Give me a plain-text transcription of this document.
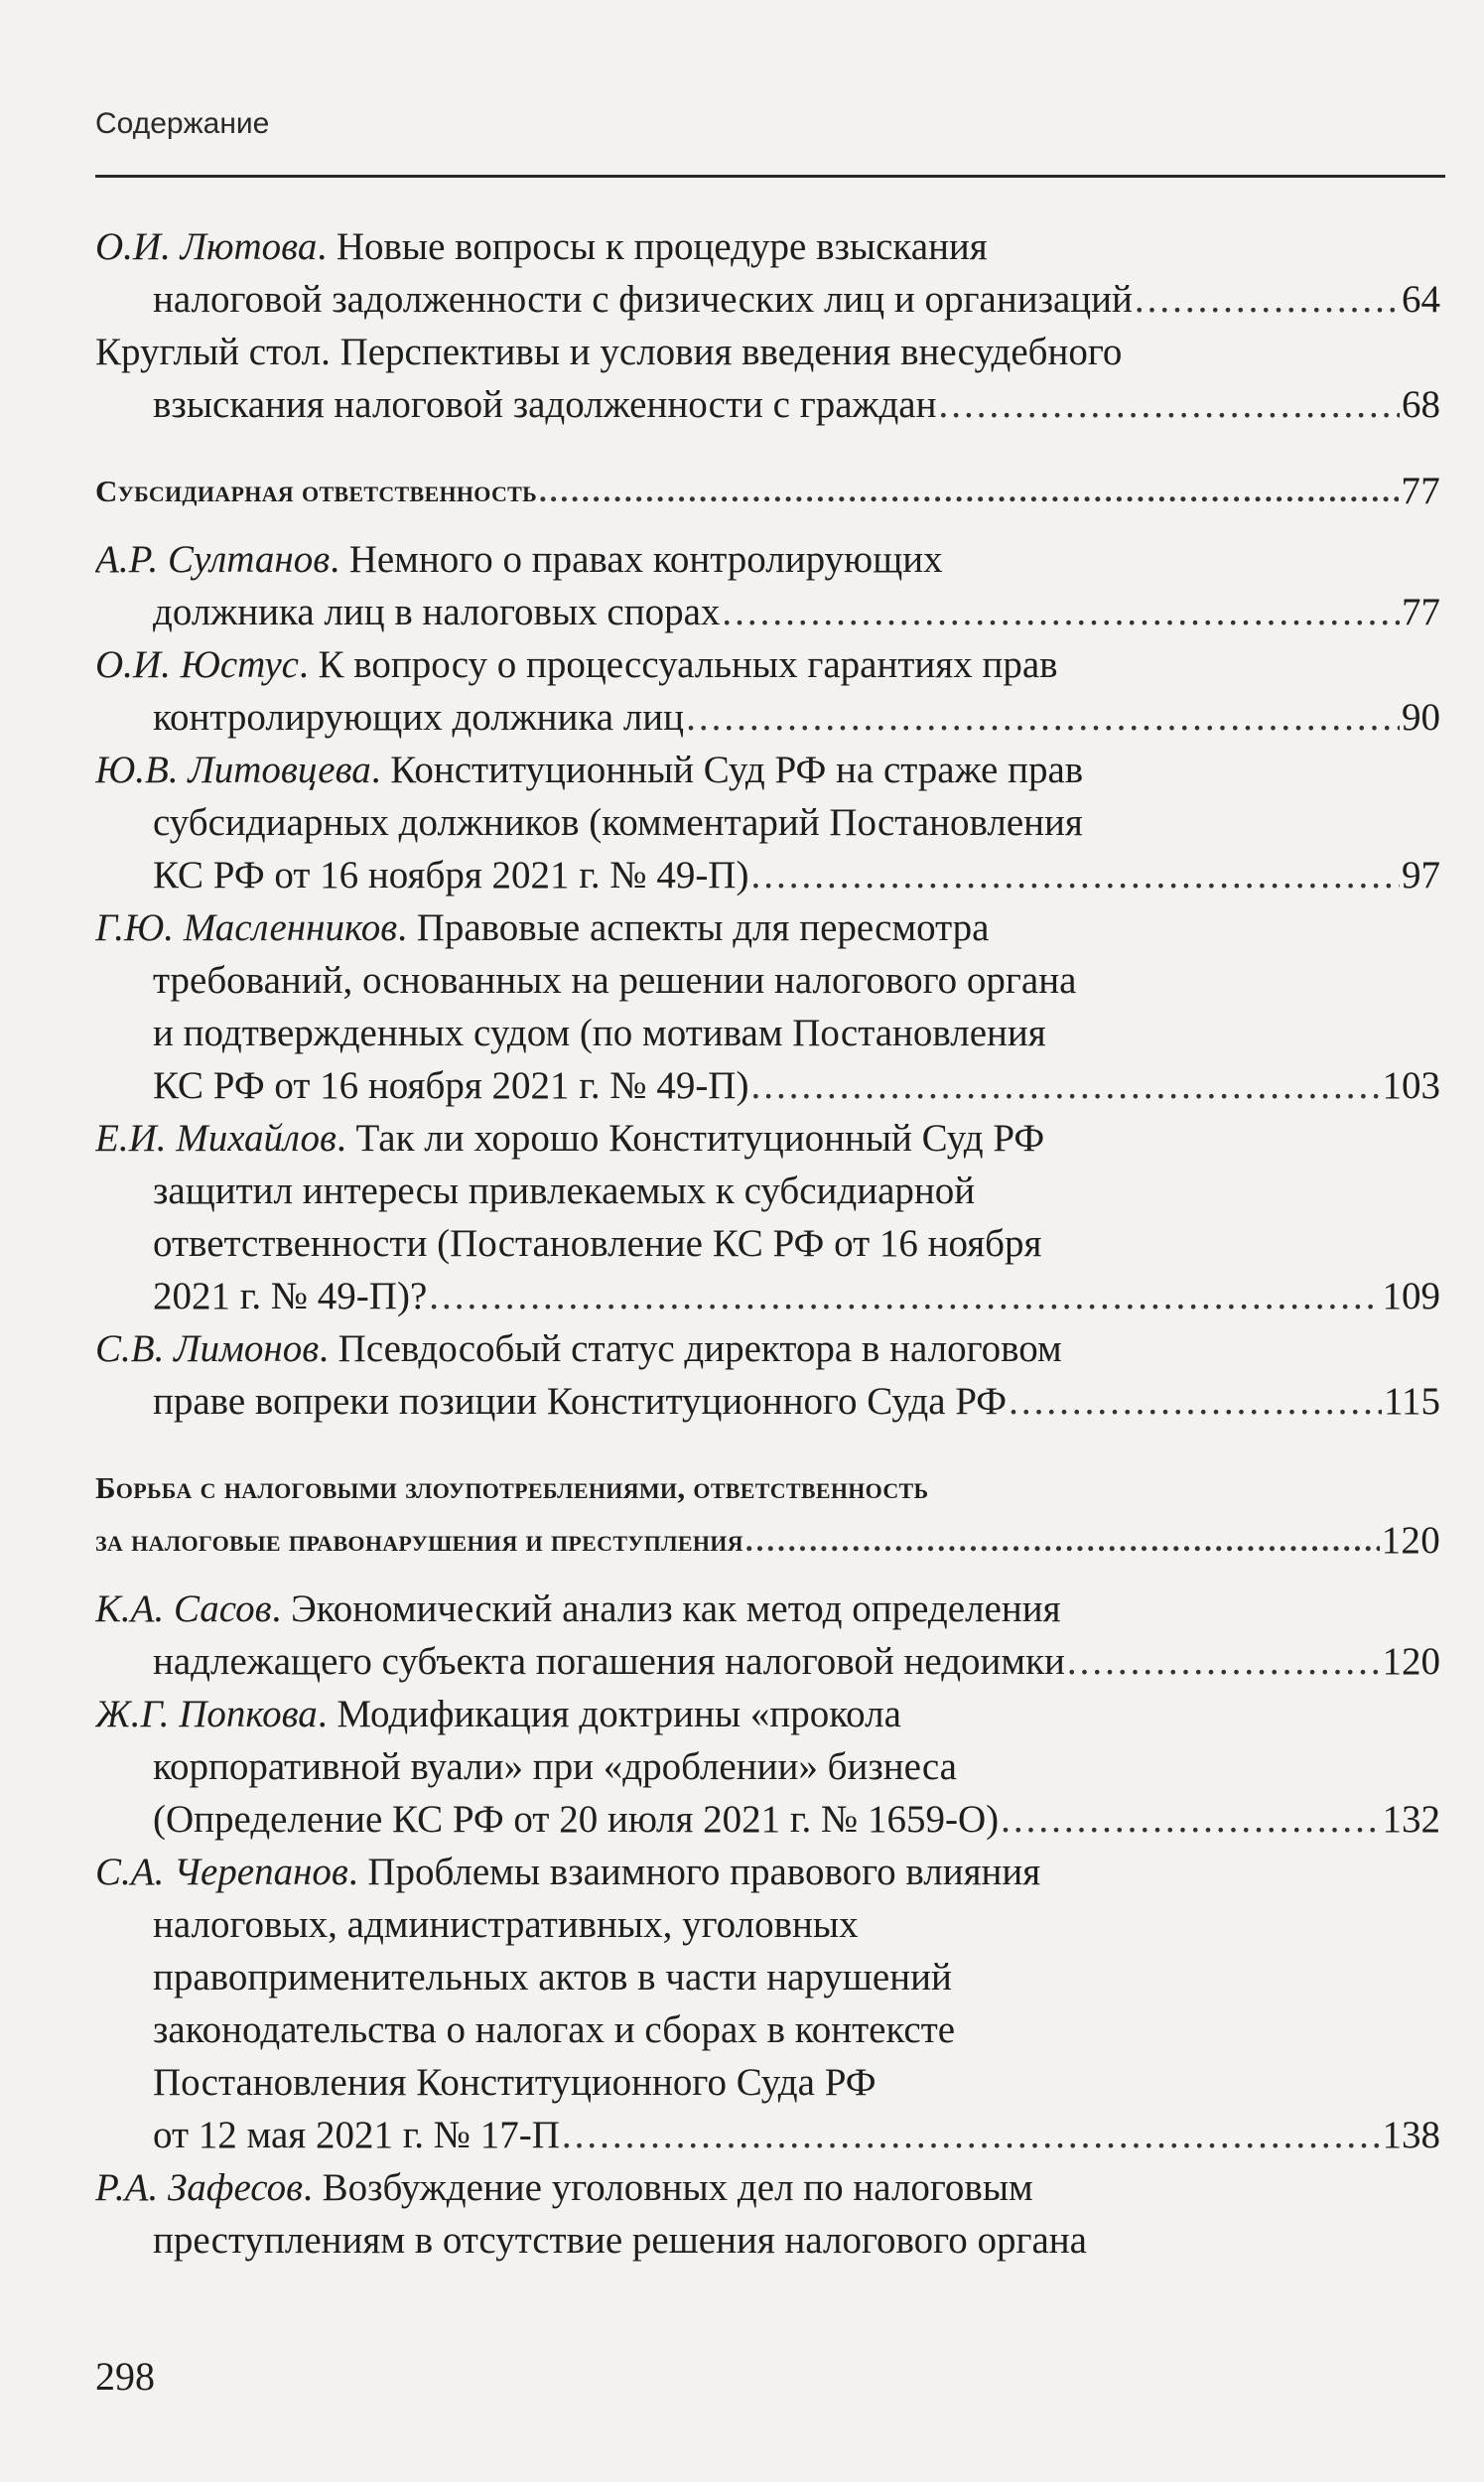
Содержание
О.И. Лютова. Новые вопросы к процедуре взыскания
налоговой задолженности с физических лиц и организаций .....	64
Круглый стол. Перспективы и условия введения внесудебного
взыскания налоговой задолженности с граждан .....	68
Субсидиарная ответственность .....	77
А.Р. Султанов. Немного о правах контролирующих
должника лиц в налоговых спорах .....	77
О.И. Юстус. К вопросу о процессуальных гарантиях прав
контролирующих должника лиц .....	90
Ю.В. Литовцева. Конституционный Суд РФ на страже прав
субсидиарных должников (комментарий Постановления
КС РФ от 16 ноября 2021 г. № 49-П) .....	97
Г.Ю. Масленников. Правовые аспекты для пересмотра
требований, основанных на решении налогового органа
и подтвержденных судом (по мотивам Постановления
КС РФ от 16 ноября 2021 г. № 49-П) .....	103
Е.И. Михайлов. Так ли хорошо Конституционный Суд РФ
защитил интересы привлекаемых к субсидиарной
ответственности (Постановление КС РФ от 16 ноября
2021 г. № 49-П)? .....	109
С.В. Лимонов. Псевдособый статус директора в налоговом
праве вопреки позиции Конституционного Суда РФ .....	115
Борьба с налоговыми злоупотреблениями, ответственность
за налоговые правонарушения и преступления .....	120
К.А. Сасов. Экономический анализ как метод определения
надлежащего субъекта погашения налоговой недоимки .....	120
Ж.Г. Попкова. Модификация доктрины «прокола
корпоративной вуали» при «дроблении» бизнеса
(Определение КС РФ от 20 июля 2021 г. № 1659-О) .....	132
С.А. Черепанов. Проблемы взаимного правового влияния
налоговых, административных, уголовных
правоприменительных актов в части нарушений
законодательства о налогах и сборах в контексте
Постановления Конституционного Суда РФ
от 12 мая 2021 г. № 17-П .....	138
Р.А. Зафесов. Возбуждение уголовных дел по налоговым
преступлениям в отсутствие решения налогового органа
298
